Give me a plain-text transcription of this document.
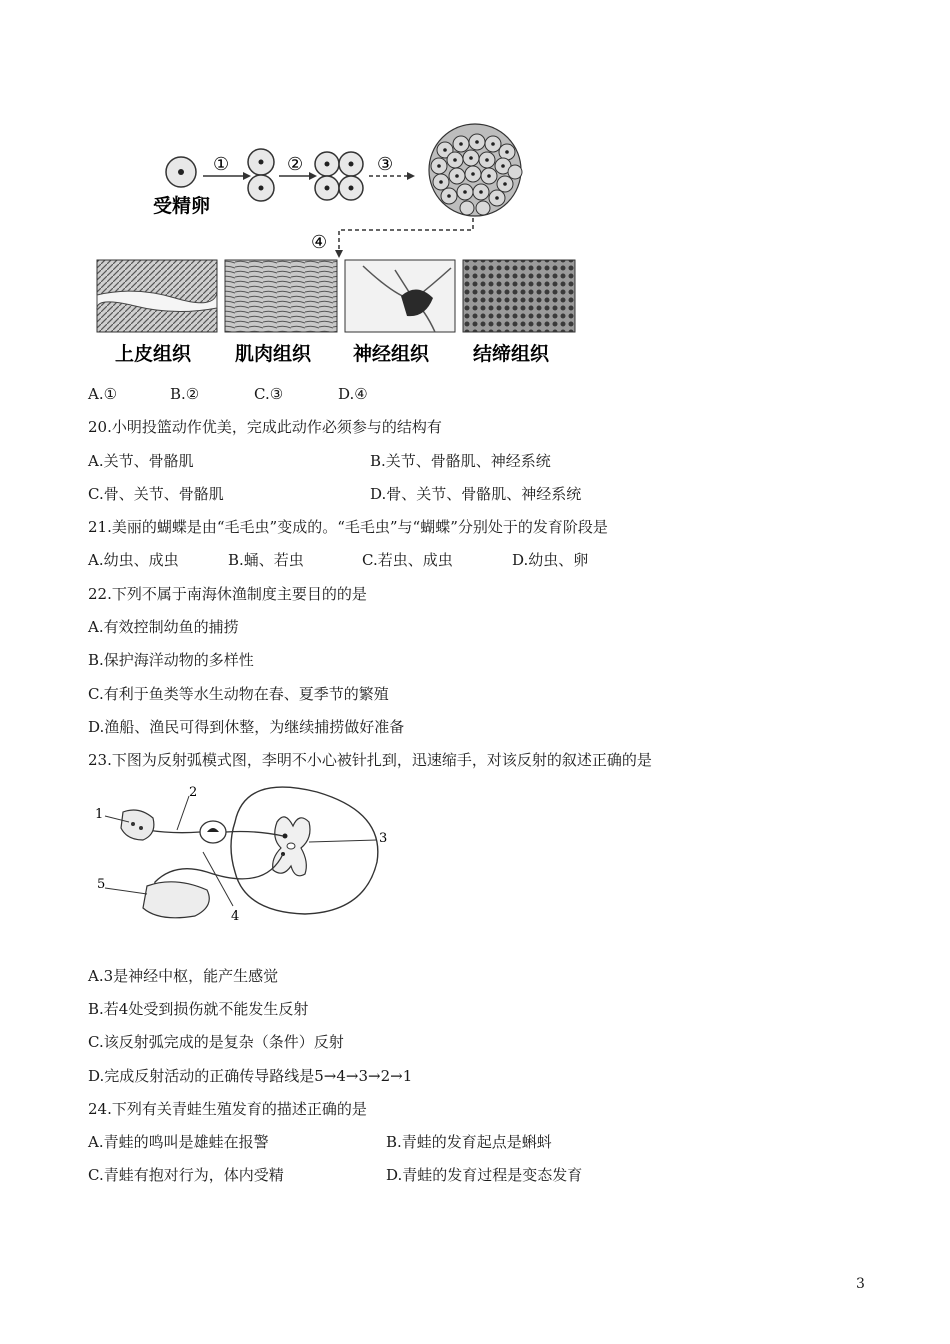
受精卵
①	②	③
④
上皮组织 肌肉组织 神经组织 结缔组织
A.①	B.②	C.③	D.④
20.小明投篮动作优美，完成此动作必须参与的结构有
A.关节、骨骼肌	B.关节、骨骼肌、神经系统
C.骨、关节、骨骼肌	D.骨、关节、骨骼肌、神经系统
21.美丽的蝴蝶是由“毛毛虫”变成的。“毛毛虫”与“蝴蝶”分别处于的发育阶段是
A.幼虫、成虫	B.蛹、若虫	C.若虫、成虫	D.幼虫、卵
22.下列不属于南海休渔制度主要目的的是
A.有效控制幼鱼的捕捞
B.保护海洋动物的多样性
C.有利于鱼类等水生动物在春、夏季节的繁殖
D.渔船、渔民可得到休整，为继续捕捞做好准备
23.下图为反射弧模式图，李明不小心被针扎到，迅速缩手，对该反射的叙述正确的是
1
2
3
4
5
A.3是神经中枢，能产生感觉
B.若4处受到损伤就不能发生反射
C.该反射弧完成的是复杂（条件）反射
D.完成反射活动的正确传导路线是5→4→3→2→1
24.下列有关青蛙生殖发育的描述正确的是
A.青蛙的鸣叫是雄蛙在报警	B.青蛙的发育起点是蝌蚪
C.青蛙有抱对行为，体内受精	D.青蛙的发育过程是变态发育
3
